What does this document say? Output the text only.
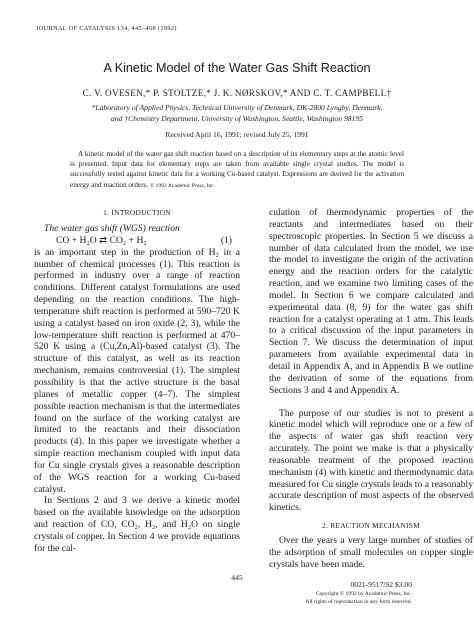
JOURNAL OF CATALYSIS 134, 445–468 (1992)
A Kinetic Model of the Water Gas Shift Reaction
C. V. OVESEN,* P. STOLTZE,* J. K. NØRSKOV,* AND C. T. CAMPBELL†
*Laboratory of Applied Physics, Technical University of Denmark, DK-2800 Lyngby, Denmark,
and †Chemistry Department, University of Washington, Seattle, Washington 98195
Received April 16, 1991; revised July 25, 1991
A kinetic model of the water gas shift reaction based on a description of its elementary steps at the atomic level is presented. Input data for elementary steps are taken from available single crystal studies. The model is successfully tested against kinetic data for a working Cu-based catalyst. Expressions are derived for the activation energy and reaction orders. © 1992 Academic Press, Inc.
1. INTRODUCTION
The water gas shift (WGS) reaction
CO + H₂O ⇄ CO₂ + H₂	(1)

is an important step in the production of H₂ in a number of chemical processes (1). This reaction is performed in industry over a range of reaction conditions. Different catalyst formulations are used depending on the reaction conditions. The high-temperature shift reaction is performed at 590–720 K using a catalyst based on iron oxide (2, 3), while the low-temperature shift reaction is performed at 470–520 K using a (Cu,Zn,Al)-based catalyst (3). The structure of this catalyst, as well as its reaction mechanism, remains controversial (1). The simplest possibility is that the active structure is the basal planes of metallic copper (4–7). The simplest possible reaction mechanism is that the intermediates found on the surface of the working catalyst are limited to the reactants and their dissociation products (4). In this paper we investigate whether a simple reaction mechanism coupled with input data for Cu single crystals gives a reasonable description of the WGS reaction for a working Cu-based catalyst.

In Sections 2 and 3 we derive a kinetic model based on the available knowledge on the adsorption and reaction of CO, CO₂, H₂, and H₂O on single crystals of copper. In Section 4 we provide equations for the cal-

culation of thermodynamic properties of the reactants and intermediates based on their spectroscopic properties. In Section 5 we discuss a number of data calculated from the model, we use the model to investigate the origin of the activation energy and the reaction orders for the catalytic reaction, and we examine two limiting cases of the model. In Section 6 we compare calculated and experimental data (8, 9) for the water gas shift reaction for a catalyst operating at 1 atm. This leads to a critical discussion of the input parameters in Section 7. We discuss the determination of input parameters from available experimental data in detail in Appendix A, and in Appendix B we outline the derivation of some of the equations from Sections 3 and 4 and Appendix A.

The purpose of our studies is not to present a kinetic model which will reproduce one or a few of the aspects of water gas shift reaction very accurately. The point we make is that a physically reasonable treatment of the proposed reaction mechanism (4) with kinetic and thermodynamic data measured for Cu single crystals leads to a reasonably accurate description of most aspects of the observed kinetics.

2. REACTION MECHANISM

Over the years a very large number of studies of the adsorption of small molecules on copper single crystals have been made.

445
0021-9517/92 $3.00
Copyright © 1992 by Academic Press, Inc.
All rights of reproduction in any form reserved.
